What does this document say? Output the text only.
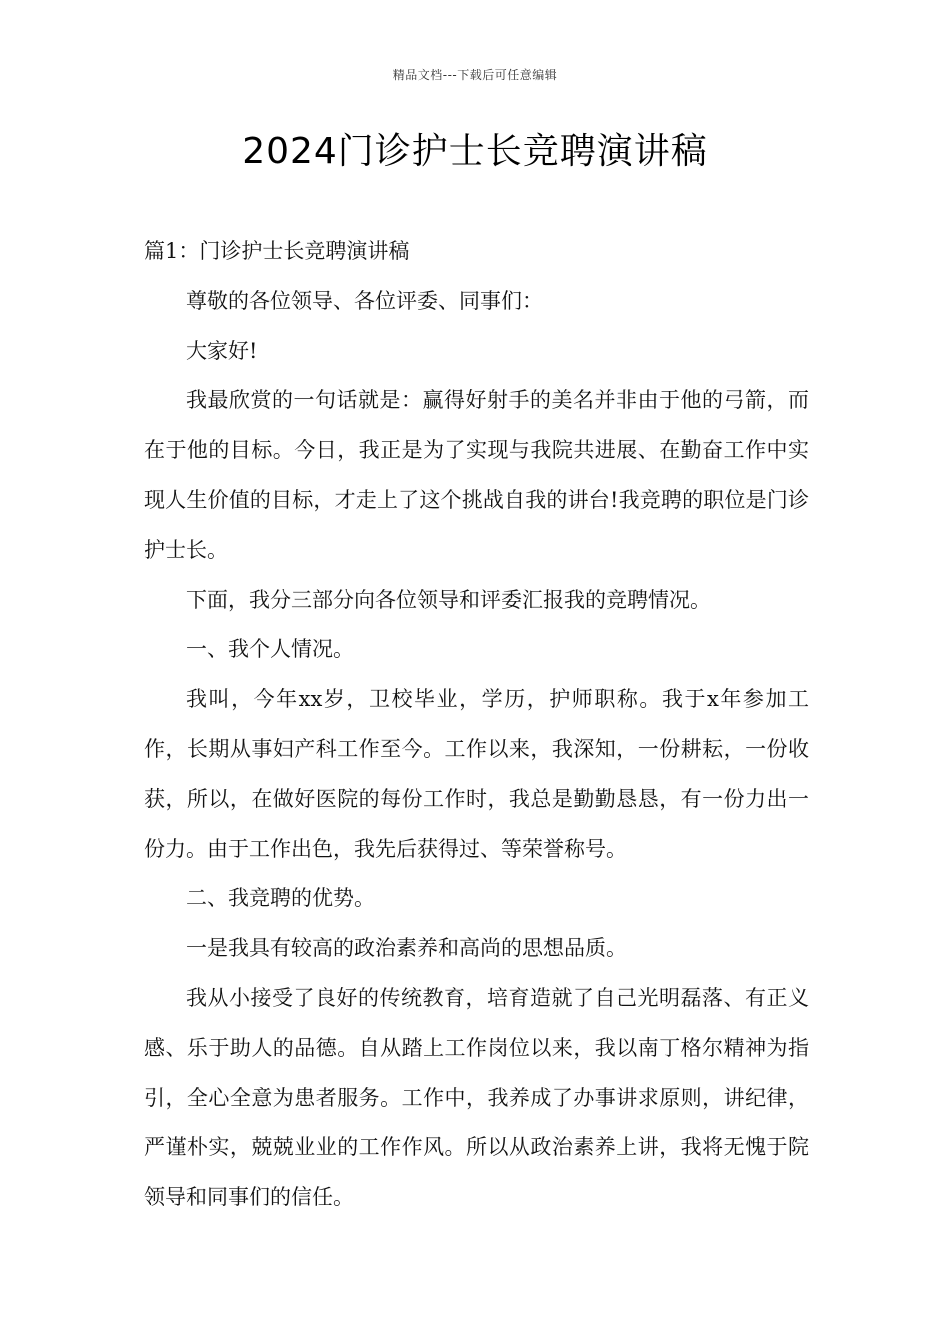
精品文档---下载后可任意编辑
2024门诊护士长竞聘演讲稿

篇1：门诊护士长竞聘演讲稿

尊敬的各位领导、各位评委、同事们：

大家好!

我最欣赏的一句话就是：赢得好射手的美名并非由于他的弓箭，而在于他的目标。今日，我正是为了实现与我院共进展、在勤奋工作中实现人生价值的目标，才走上了这个挑战自我的讲台!我竞聘的职位是门诊护士长。

下面，我分三部分向各位领导和评委汇报我的竞聘情况。

一、我个人情况。

我叫，今年xx岁，卫校毕业，学历，护师职称。我于x年参加工作，长期从事妇产科工作至今。工作以来，我深知，一份耕耘，一份收获，所以，在做好医院的每份工作时，我总是勤勤恳恳，有一份力出一份力。由于工作出色，我先后获得过、等荣誉称号。

二、我竞聘的优势。

一是我具有较高的政治素养和高尚的思想品质。

我从小接受了良好的传统教育，培育造就了自己光明磊落、有正义感、乐于助人的品德。自从踏上工作岗位以来，我以南丁格尔精神为指引，全心全意为患者服务。工作中，我养成了办事讲求原则，讲纪律，严谨朴实，兢兢业业的工作作风。所以从政治素养上讲，我将无愧于院领导和同事们的信任。
